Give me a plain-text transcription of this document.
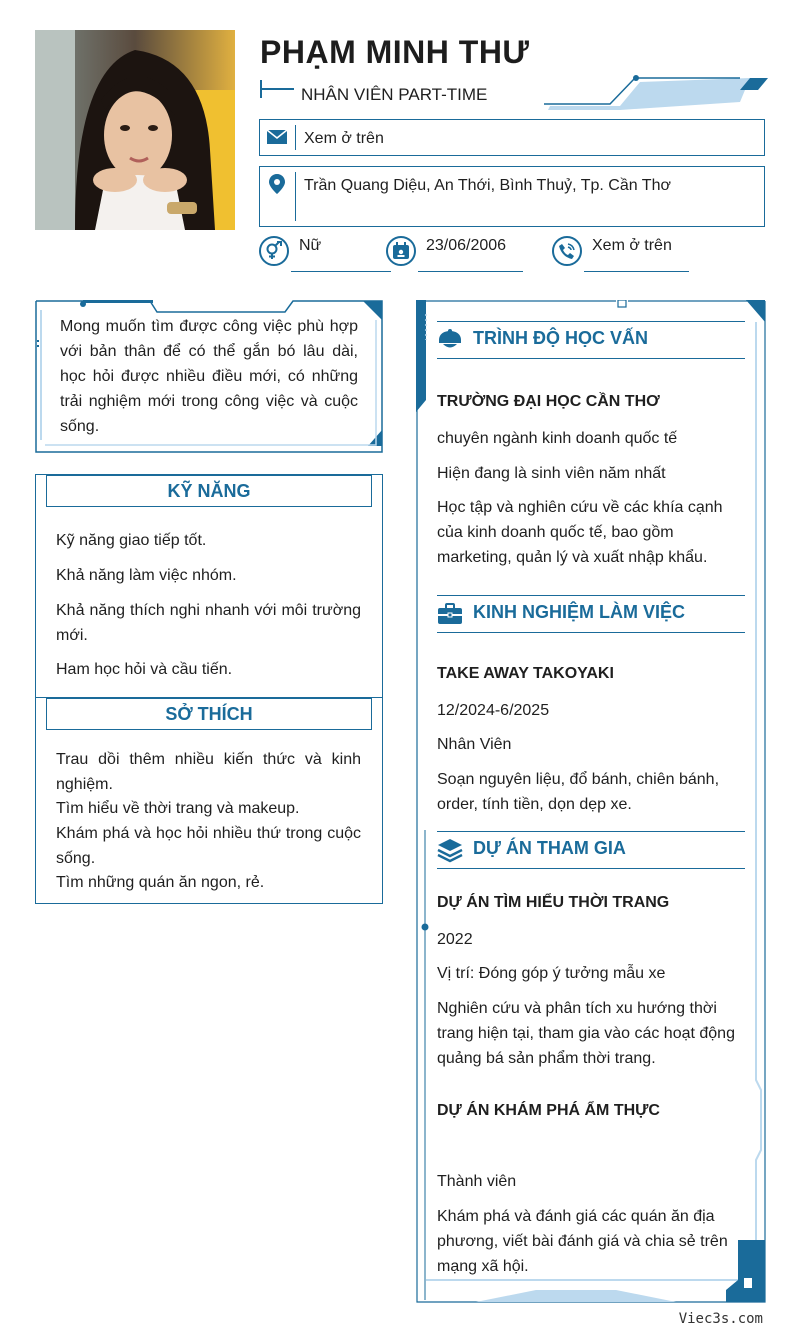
PHẠM MINH THƯ
NHÂN VIÊN PART-TIME
Xem ở trên
Trần Quang Diệu, An Thới, Bình Thuỷ, Tp. Cần Thơ
Nữ	23/06/2006	Xem ở trên
Mong muốn tìm được công việc phù hợp với bản thân để có thể gắn bó lâu dài, học hỏi được nhiều điều mới, có những trải nghiệm mới trong công việc và cuộc sống.
KỸ NĂNG
Kỹ năng giao tiếp tốt.
Khả năng làm việc nhóm.
Khả năng thích nghi nhanh với môi trường mới.
Ham học hỏi và cầu tiến.
SỞ THÍCH
Trau dồi thêm nhiều kiến thức và kinh nghiệm.
Tìm hiểu về thời trang và makeup.
Khám phá và học hỏi nhiều thứ trong cuộc sống.
Tìm những quán ăn ngon, rẻ.
TRÌNH ĐỘ HỌC VẤN
TRƯỜNG ĐẠI HỌC CẦN THƠ
chuyên ngành kinh doanh quốc tế
Hiện đang là sinh viên năm nhất
Học tập và nghiên cứu về các khía cạnh của kinh doanh quốc tế, bao gồm marketing, quản lý và xuất nhập khẩu.
KINH NGHIỆM LÀM VIỆC
TAKE AWAY TAKOYAKI
12/2024-6/2025
Nhân Viên
Soạn nguyên liệu, đổ bánh, chiên bánh, order, tính tiền, dọn dẹp xe.
DỰ ÁN THAM GIA
DỰ ÁN TÌM HIỂU THỜI TRANG
2022
Vị trí: Đóng góp ý tưởng mẫu xe
Nghiên cứu và phân tích xu hướng thời trang hiện tại, tham gia vào các hoạt động quảng bá sản phẩm thời trang.
DỰ ÁN KHÁM PHÁ ẨM THỰC
Thành viên
Khám phá và đánh giá các quán ăn địa phương, viết bài đánh giá và chia sẻ trên mạng xã hội.
Viec3s.com
